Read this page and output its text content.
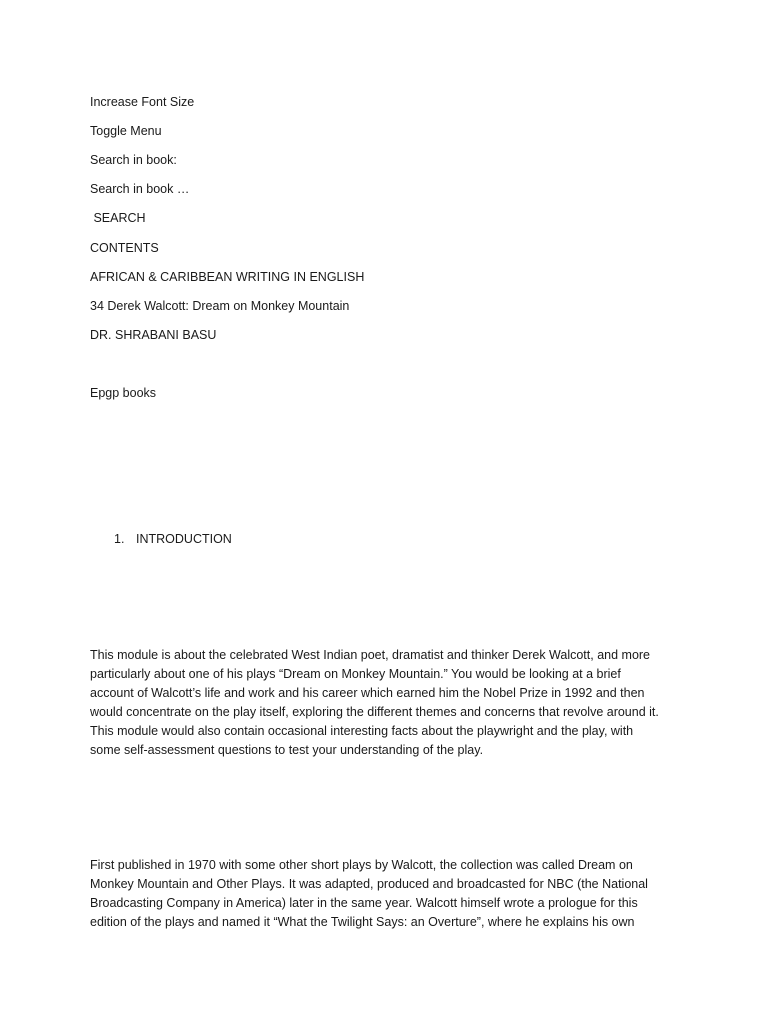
Increase Font Size
Toggle Menu
Search in book:
Search in book …
SEARCH
CONTENTS
AFRICAN & CARIBBEAN WRITING IN ENGLISH
34 Derek Walcott: Dream on Monkey Mountain
DR. SHRABANI BASU
Epgp books
1. INTRODUCTION
This module is about the celebrated West Indian poet, dramatist and thinker Derek Walcott, and more
particularly about one of his plays “Dream on Monkey Mountain.” You would be looking at a brief
account of Walcott’s life and work and his career which earned him the Nobel Prize in 1992 and then
would concentrate on the play itself, exploring the different themes and concerns that revolve around it.
This module would also contain occasional interesting facts about the playwright and the play, with
some self-assessment questions to test your understanding of the play.
First published in 1970 with some other short plays by Walcott, the collection was called Dream on
Monkey Mountain and Other Plays. It was adapted, produced and broadcasted for NBC (the National
Broadcasting Company in America) later in the same year. Walcott himself wrote a prologue for this
edition of the plays and named it “What the Twilight Says: an Overture”, where he explains his own
